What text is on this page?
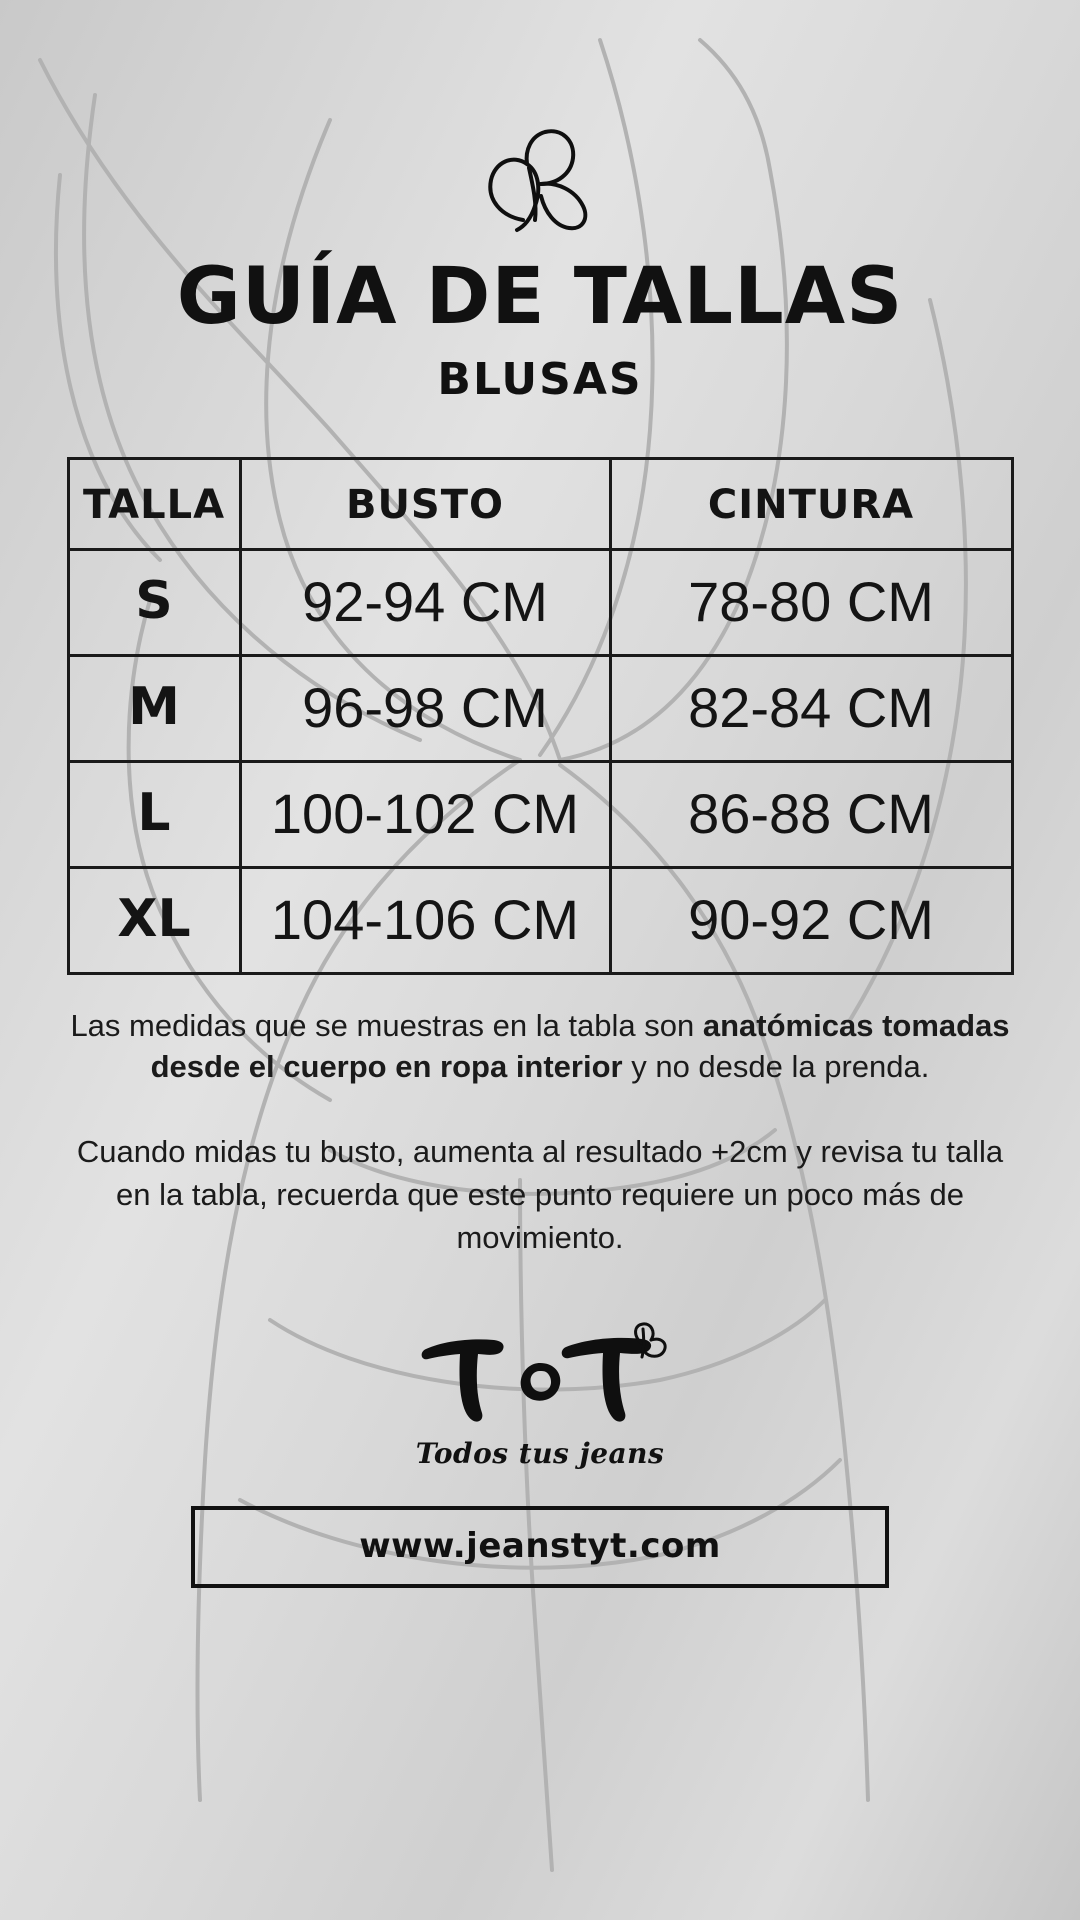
GUÍA DE TALLAS
BLUSAS
TALLA	BUSTO	CINTURA
S	92-94 CM	78-80 CM
M	96-98 CM	82-84 CM
L	100-102 CM	86-88 CM
XL	104-106 CM	90-92 CM
Las medidas que se muestras en la tabla son anatómicas tomadas desde el cuerpo en ropa interior y no desde la prenda.
Cuando midas tu busto, aumenta al resultado +2cm y revisa tu talla en la tabla, recuerda que este punto requiere un poco más de movimiento.
Todos tus jeans
www.jeanstyt.com
